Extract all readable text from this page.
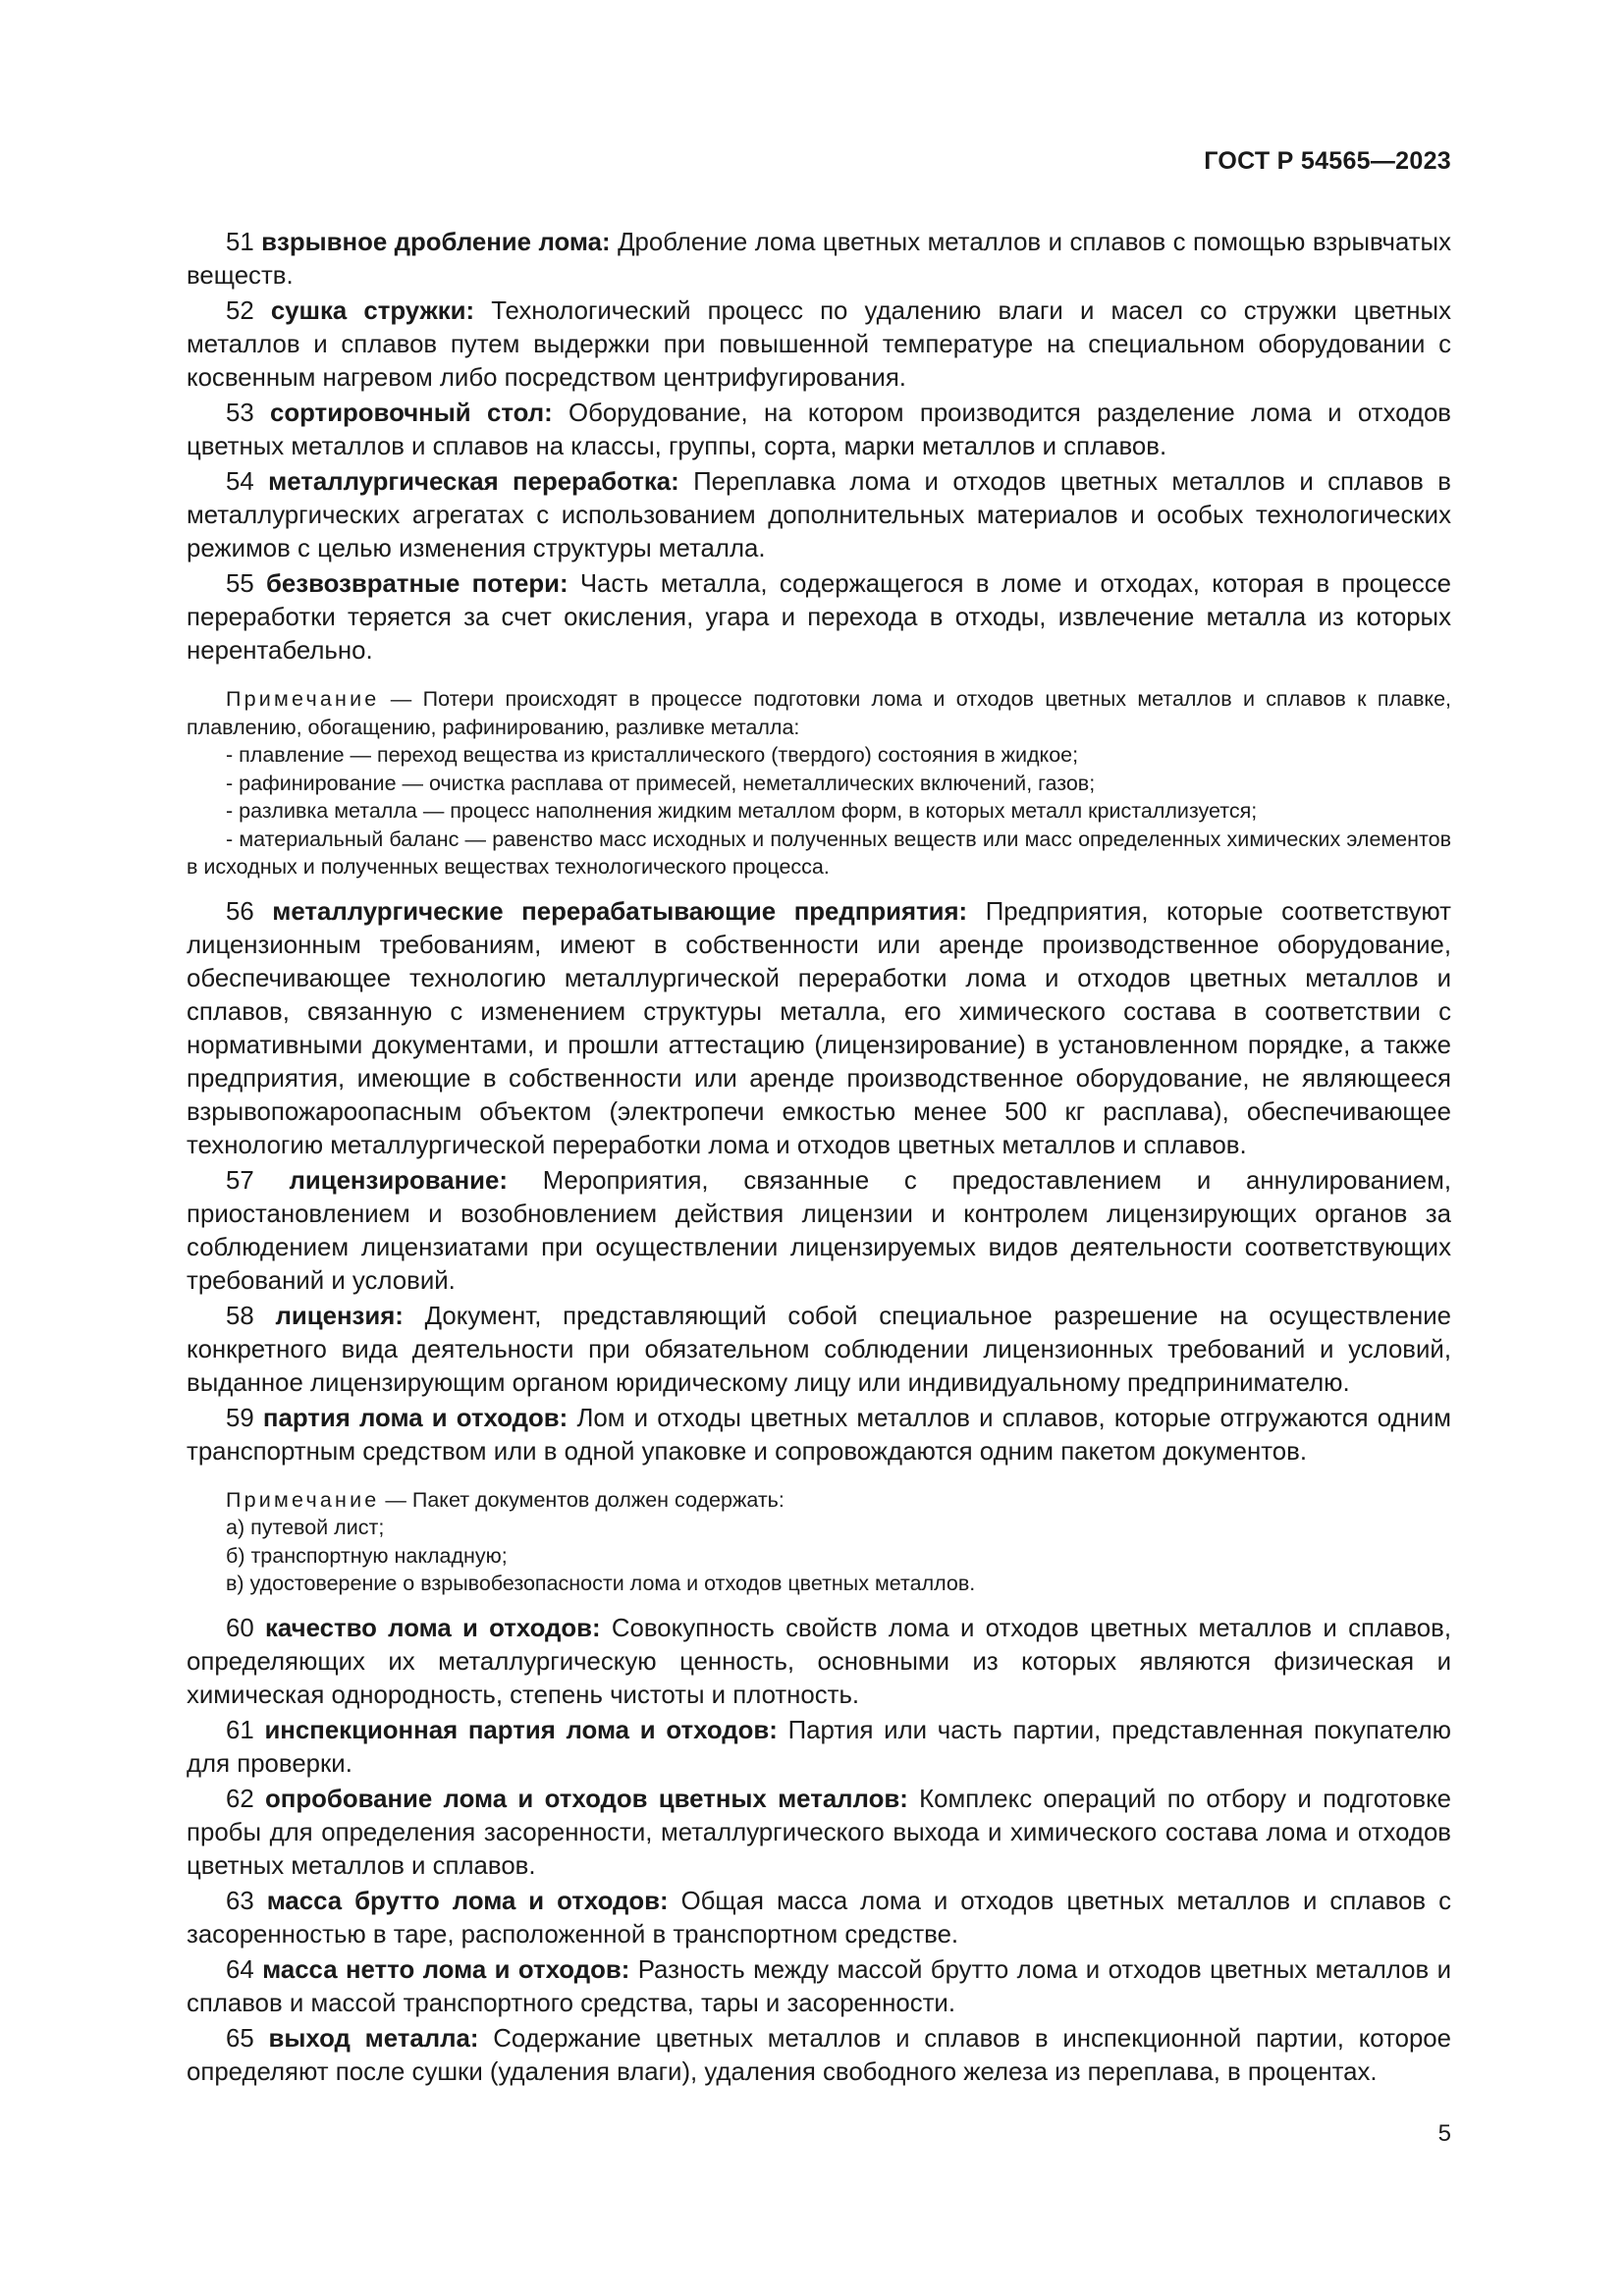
ГОСТ Р 54565—2023

51 взрывное дробление лома: Дробление лома цветных металлов и сплавов с помощью взрывчатых веществ.

52 сушка стружки: Технологический процесс по удалению влаги и масел со стружки цветных металлов и сплавов путем выдержки при повышенной температуре на специальном оборудовании с косвенным нагревом либо посредством центрифугирования.

53 сортировочный стол: Оборудование, на котором производится разделение лома и отходов цветных металлов и сплавов на классы, группы, сорта, марки металлов и сплавов.

54 металлургическая переработка: Переплавка лома и отходов цветных металлов и сплавов в металлургических агрегатах с использованием дополнительных материалов и особых технологических режимов с целью изменения структуры металла.

55 безвозвратные потери: Часть металла, содержащегося в ломе и отходах, которая в процессе переработки теряется за счет окисления, угара и перехода в отходы, извлечение металла из которых нерентабельно.

Примечание — Потери происходят в процессе подготовки лома и отходов цветных металлов и сплавов к плавке, плавлению, обогащению, рафинированию, разливке металла:
- плавление — переход вещества из кристаллического (твердого) состояния в жидкое;
- рафинирование — очистка расплава от примесей, неметаллических включений, газов;
- разливка металла — процесс наполнения жидким металлом форм, в которых металл кристаллизуется;
- материальный баланс — равенство масс исходных и полученных веществ или масс определенных химических элементов в исходных и полученных веществах технологического процесса.

56 металлургические перерабатывающие предприятия: Предприятия, которые соответствуют лицензионным требованиям, имеют в собственности или аренде производственное оборудование, обеспечивающее технологию металлургической переработки лома и отходов цветных металлов и сплавов, связанную с изменением структуры металла, его химического состава в соответствии с нормативными документами, и прошли аттестацию (лицензирование) в установленном порядке, а также предприятия, имеющие в собственности или аренде производственное оборудование, не являющееся взрывопожароопасным объектом (электропечи емкостью менее 500 кг расплава), обеспечивающее технологию металлургической переработки лома и отходов цветных металлов и сплавов.

57 лицензирование: Мероприятия, связанные с предоставлением и аннулированием, приостановлением и возобновлением действия лицензии и контролем лицензирующих органов за соблюдением лицензиатами при осуществлении лицензируемых видов деятельности соответствующих требований и условий.

58 лицензия: Документ, представляющий собой специальное разрешение на осуществление конкретного вида деятельности при обязательном соблюдении лицензионных требований и условий, выданное лицензирующим органом юридическому лицу или индивидуальному предпринимателю.

59 партия лома и отходов: Лом и отходы цветных металлов и сплавов, которые отгружаются одним транспортным средством или в одной упаковке и сопровождаются одним пакетом документов.

Примечание — Пакет документов должен содержать:
а) путевой лист;
б) транспортную накладную;
в) удостоверение о взрывобезопасности лома и отходов цветных металлов.

60 качество лома и отходов: Совокупность свойств лома и отходов цветных металлов и сплавов, определяющих их металлургическую ценность, основными из которых являются физическая и химическая однородность, степень чистоты и плотность.

61 инспекционная партия лома и отходов: Партия или часть партии, представленная покупателю для проверки.

62 опробование лома и отходов цветных металлов: Комплекс операций по отбору и подготовке пробы для определения засоренности, металлургического выхода и химического состава лома и отходов цветных металлов и сплавов.

63 масса брутто лома и отходов: Общая масса лома и отходов цветных металлов и сплавов с засоренностью в таре, расположенной в транспортном средстве.

64 масса нетто лома и отходов: Разность между массой брутто лома и отходов цветных металлов и сплавов и массой транспортного средства, тары и засоренности.

65 выход металла: Содержание цветных металлов и сплавов в инспекционной партии, которое определяют после сушки (удаления влаги), удаления свободного железа из переплава, в процентах.

5
